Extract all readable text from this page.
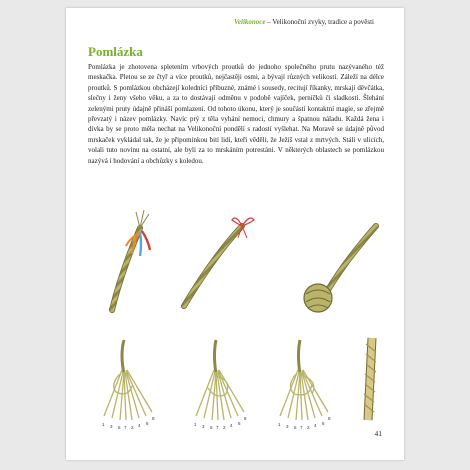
Velikonoce – Velikonoční zvyky, tradice a pověsti
Pomlázka

Pomlázka je zhotovena spletením vrbových proutků do jednoho společného prutu nazývaného též meskačka. Pletou se ze čtyř a více proutků, nejčastěji osmi, a bývají různých velikostí. Záleží na délce proutků. S pomlázkou obcházejí koledníci příbuzné, známé i sousedy, recitují říkanky, mrskají děvčátka, slečny i ženy všeho věku, a za to dostávají odměnu v podobě vajíček, perníčků či sladkostí. Šlehání zelenými pruty údajně přináší pomlazení. Od tohoto úkonu, který je součástí kontaktní magie, se zřejmě převzatý i název pomlázky. Navíc prý z těla vyhání nemoci, chmury a špatnou náladu. Každá žena i dívka by se proto měla nechat na Velikonoční pondělí s radostí vyšlehat. Na Moravě se údajně původ mrskaček vykládal tak, že je připomínkou bití lidí, kteří věděli, že Ježíš vstal z mrtvých. Stáli v ulicích, volali tuto novinu na ostatní, ale byli za to mrskáním potrestáni. V některých oblastech se pomlázkou nazývá i hodování a obchůzky s koledou.

1 3 5 7 2 4 6
8
1 3 5 7 2 4 6
8
1 3 5 7 2 4 6
8
41
